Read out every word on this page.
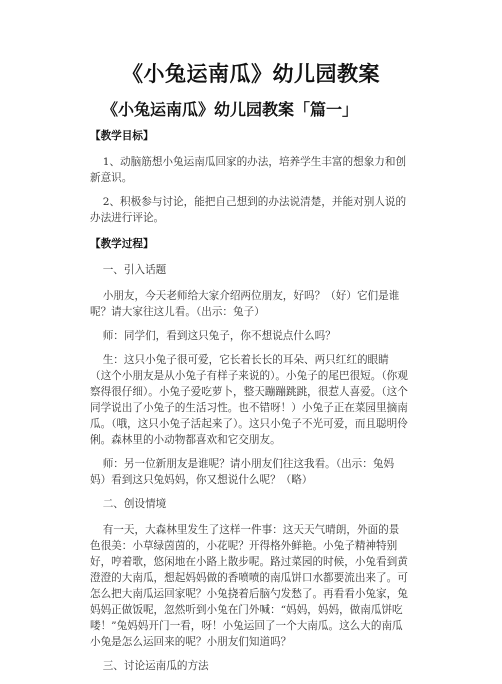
《小兔运南瓜》幼儿园教案
《小兔运南瓜》幼儿园教案「篇一」

【教学目标】

1、动脑筋想小兔运南瓜回家的办法，培养学生丰富的想象力和创新意识。

2、积极参与讨论，能把自己想到的办法说清楚，并能对别人说的办法进行评论。

【教学过程】

一、引入话题

小朋友，今天老师给大家介绍两位朋友，好吗？（好）它们是谁呢？请大家往这儿看。（出示：兔子）

师：同学们，看到这只兔子，你不想说点什么吗？

生：这只小兔子很可爱，它长着长长的耳朵、两只红红的眼睛（这个小朋友是从小兔子有样子来说的）。小兔子的尾巴很短。（你观察得很仔细）。小兔子爱吃萝卜，整天蹦蹦跳跳，很惹人喜爱。（这个同学说出了小兔子的生活习性。也不错呀！）小兔子正在菜园里摘南瓜。（哦，这只小兔子活起来了）。这只小兔子不光可爱，而且聪明伶俐。森林里的小动物都喜欢和它交朋友。

师：另一位新朋友是谁呢？请小朋友们往这我看。（出示：兔妈妈）看到这只兔妈妈，你又想说什么呢？（略）

二、创设情境

有一天，大森林里发生了这样一件事：这天天气晴朗，外面的景色很美：小草绿茵茵的，小花呢？开得格外鲜艳。小兔子精神特别好，哼着歌，悠闲地在小路上散步呢。路过菜园的时候，小兔看到黄澄澄的大南瓜，想起妈妈做的香喷喷的南瓜饼口水都要流出来了。可怎么把大南瓜运回家呢？小兔挠着后脑勺发愁了。再看看小兔家，兔妈妈正做饭呢，忽然听到小兔在门外喊：“妈妈，妈妈，做南瓜饼吃喽！”兔妈妈开门一看，呀！小兔运回了一个大南瓜。这么大的南瓜小兔是怎么运回来的呢？小朋友们知道吗？

三、讨论运南瓜的方法
